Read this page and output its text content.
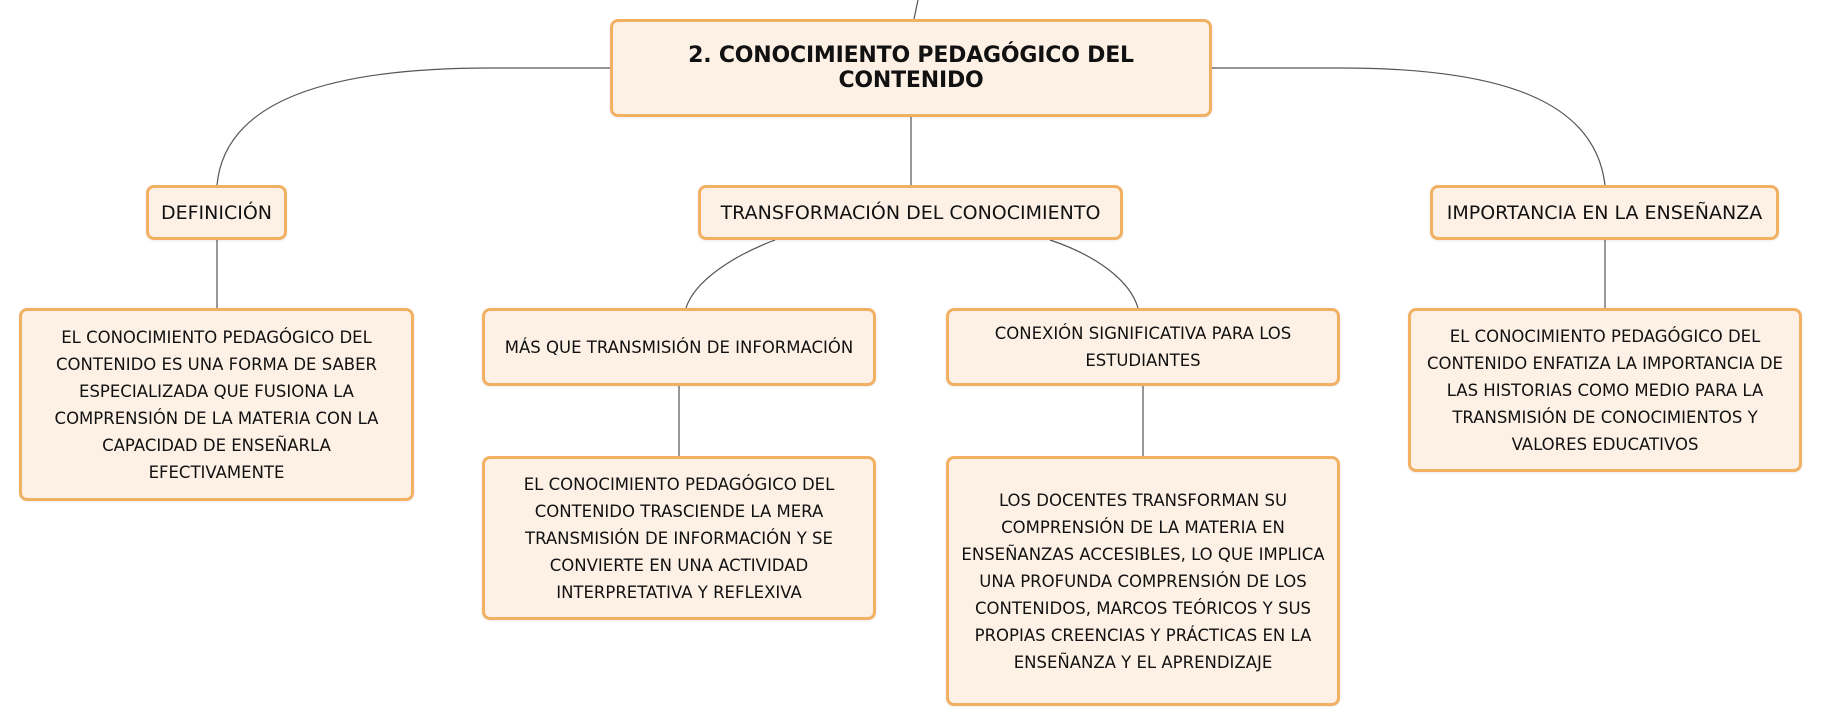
2. CONOCIMIENTO PEDAGÓGICO DEL CONTENIDO
DEFINICIÓN	TRANSFORMACIÓN DEL CONOCIMIENTO	IMPORTANCIA EN LA ENSEÑANZA
MÁS QUE TRANSMISIÓN DE INFORMACIÓN
CONEXIÓN SIGNIFICATIVA PARA LOS ESTUDIANTES
EL CONOCIMIENTO PEDAGÓGICO DEL CONTENIDO ES UNA FORMA DE SABER ESPECIALIZADA QUE FUSIONA LA COMPRENSIÓN DE LA MATERIA CON LA CAPACIDAD DE ENSEÑARLA EFECTIVAMENTE
EL CONOCIMIENTO PEDAGÓGICO DEL CONTENIDO TRASCIENDE LA MERA TRANSMISIÓN DE INFORMACIÓN Y SE CONVIERTE EN UNA ACTIVIDAD INTERPRETATIVA Y REFLEXIVA
LOS DOCENTES TRANSFORMAN SU COMPRENSIÓN DE LA MATERIA EN ENSEÑANZAS ACCESIBLES, LO QUE IMPLICA UNA PROFUNDA COMPRENSIÓN DE LOS CONTENIDOS, MARCOS TEÓRICOS Y SUS PROPIAS CREENCIAS Y PRÁCTICAS EN LA ENSEÑANZA Y EL APRENDIZAJE
EL CONOCIMIENTO PEDAGÓGICO DEL CONTENIDO ENFATIZA LA IMPORTANCIA DE LAS HISTORIAS COMO MEDIO PARA LA TRANSMISIÓN DE CONOCIMIENTOS Y VALORES EDUCATIVOS
